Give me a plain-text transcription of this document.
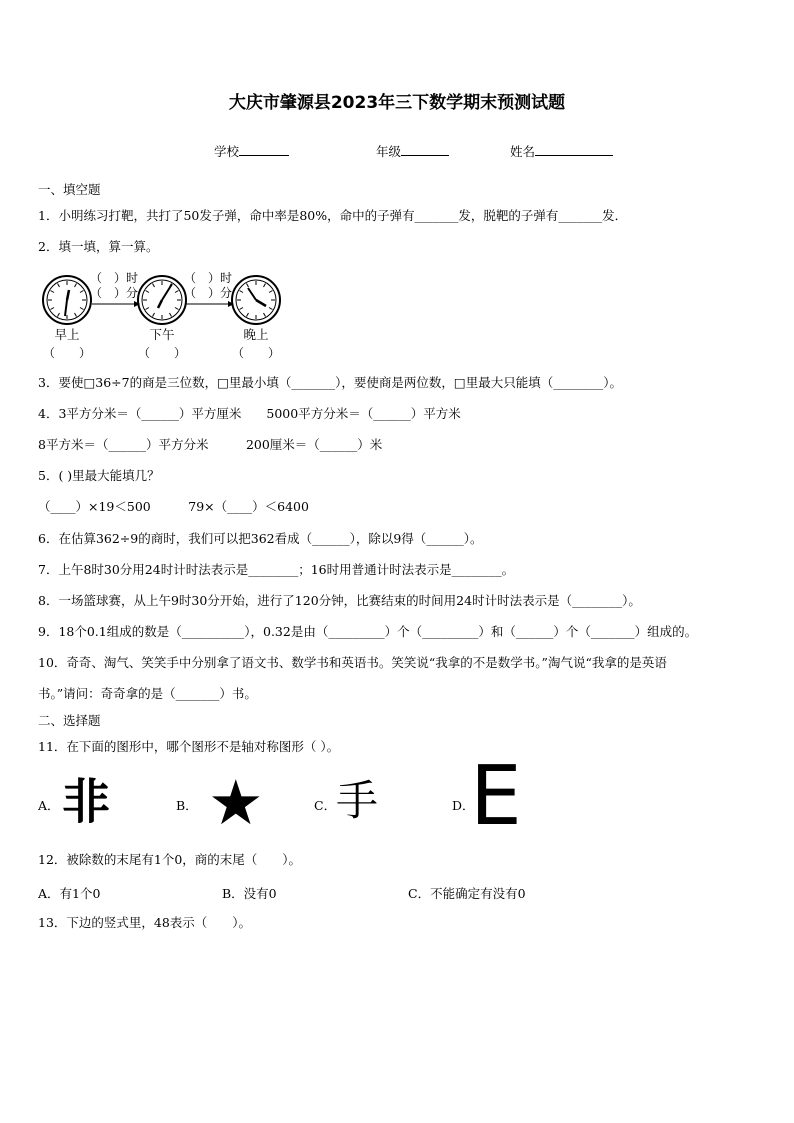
大庆市肇源县2023年三下数学期末预测试题
学校	年级	姓名
一、填空题
1．小明练习打靶，共打了50发子弹，命中率是80%，命中的子弹有_______发，脱靶的子弹有_______发．
2．填一填，算一算。
（　）时
（　）分
（　）时
（　）分
早上	下午	晚上
（　　）	（　　）	（　　）
3．要使□36÷7的商是三位数，□里最小填（_______），要使商是两位数，□里最大只能填（________）。
4．3平方分米＝（______）平方厘米　　5000平方分米＝（______）平方米
8平方米＝（______）平方分米　　　200厘米＝（______）米
5．( )里最大能填几？
（____）×19＜500　　　79×（____）＜6400
6．在估算362÷9的商时，我们可以把362看成（______），除以9得（______）。
7．上午8时30分用24时计时法表示是________；16时用普通计时法表示是________。
8．一场篮球赛，从上午9时30分开始，进行了120分钟，比赛结束的时间用24时计时法表示是（________）。
9．18个0.1组成的数是（__________），0.32是由（_________）个（_________）和（______）个（_______）组成的。
10．奇奇、淘气、笑笑手中分别拿了语文书、数学书和英语书。笑笑说“我拿的不是数学书。”淘气说“我拿的是英语
书。”请问：奇奇拿的是（_______）书。
二、选择题
11．在下面的图形中，哪个图形不是轴对称图形（ ）。
A． 非	B． ★	C． 手	D．
E
12．被除数的末尾有1个0，商的末尾（　　）。
A．有1个0	B．没有0	C．不能确定有没有0
13．下边的竖式里，48表示（　　）。
